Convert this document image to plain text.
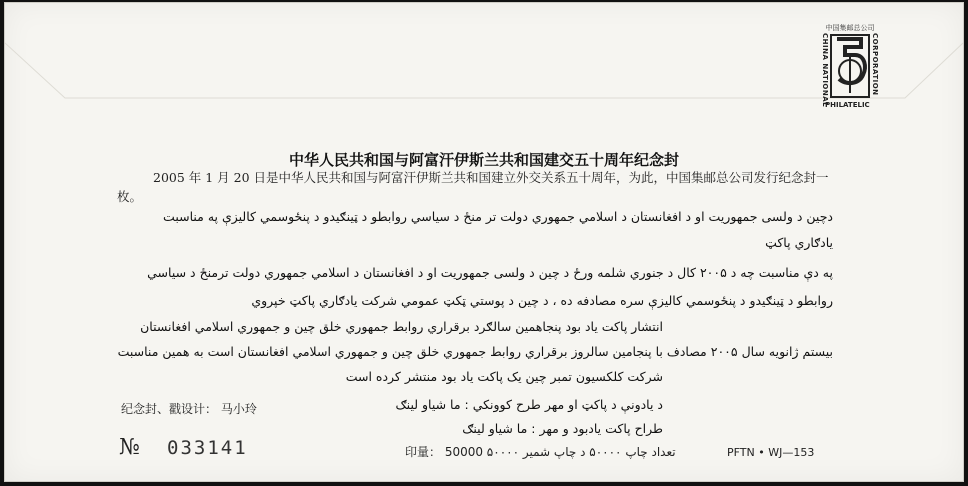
中国集邮总公司
CHINA NATIONAL	CORPORATION
PHILATELIC
中华人民共和国与阿富汗伊斯兰共和国建交五十周年纪念封
2005 年 1 月 20 日是中华人民共和国与阿富汗伊斯兰共和国建立外交关系五十周年，为此，中国集邮总公司发行纪念封一枚。
دچين د ولسی جمهوريت او د افغانستان د اسلامي جمهوري دولت تر منځ د سياسي روابطو د ټينګيدو د پنځوسمي کاليزې په مناسبت
يادګاري پاکټ
په دې مناسبت چه د ۲۰۰۵ کال د جنوري شلمه ورځ د چين د ولسی جمهوريت او د افغانستان د اسلامي جمهوري دولت ترمنځ د سياسي
روابطو د ټينګيدو د پنځوسمي کاليزې سره مصادفه ده ، د چين د پوستي ټکټ عمومي شرکت يادګاري پاکټ خپروي
انتشار پاکت ياد بود پنجاهمين سالګرد برقراري روابط جمهوري خلق چين و جمهوري اسلامي افغانستان
بيستم ژانويه سال ۲۰۰۵ مصادف با پنجامين سالروز برقراري روابط جمهوري خلق چين و جمهوري اسلامي افغانستان است به همين مناسبت
شرکت کلکسيون تمبر چين يک پاکت ياد بود منتشر کرده است
د يادونې د پاکټ او مهر طرح کوونکي : ما شياو لينګ
طراح پاکت يادبود و مهر : ما شياو لينګ
纪念封、戳设计： 马小玲
№ 033141	印量： 50000 ۵۰۰۰۰ تعداد چاپ ۵۰۰۰۰ د چاپ شمير	PFTN • WJ—153
